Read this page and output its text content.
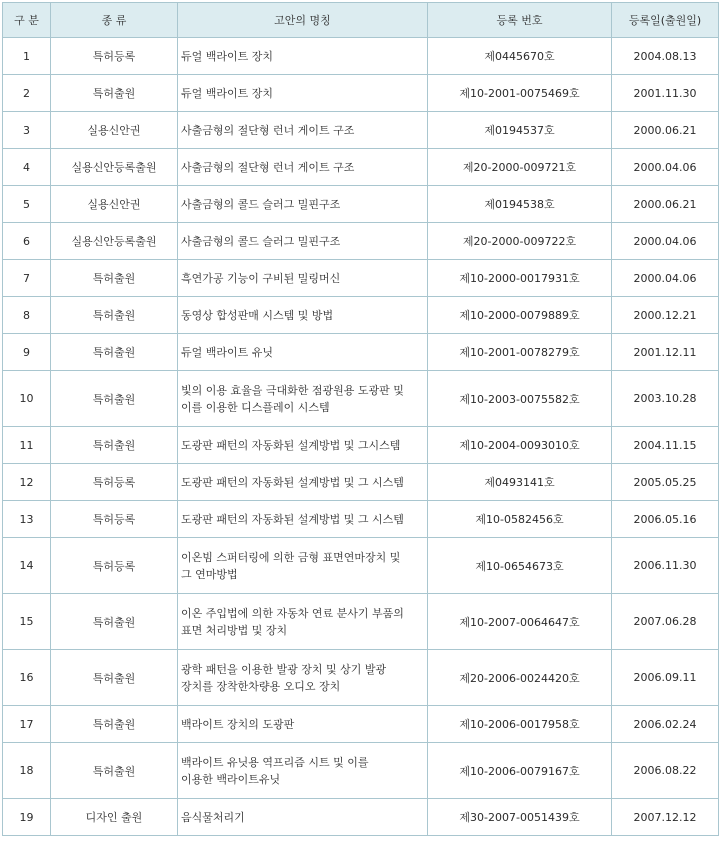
구 분	종 류	고안의 명칭	등록 번호	등록일(출원일)
1	특허등록	듀얼 백라이트 장치	제0445670호	2004.08.13
2	특허출원	듀얼 백라이트 장치	제10-2001-0075469호	2001.11.30
3	실용신안권	사출금형의 절단형 런너 게이트 구조	제0194537호	2000.06.21
4	실용신안등록출원	사출금형의 절단형 런너 게이트 구조	제20-2000-009721호	2000.04.06
5	실용신안권	사출금형의 콜드 슬러그 밀핀구조	제0194538호	2000.06.21
6	실용신안등록출원	사출금형의 콜드 슬러그 밀핀구조	제20-2000-009722호	2000.04.06
7	특허출원	흑연가공 기능이 구비된 밀링머신	제10-2000-0017931호	2000.04.06
8	특허출원	동영상 합성판매 시스템 및 방법	제10-2000-0079889호	2000.12.21
9	특허출원	듀얼 백라이트 유닛	제10-2001-0078279호	2001.12.11
10	특허출원	빛의 이용 효율을 극대화한 점광원용 도광판 및
이를 이용한 디스플레이 시스템	제10-2003-0075582호	2003.10.28
11	특허출원	도광판 패턴의 자동화된 설계방법 및 그시스템	제10-2004-0093010호	2004.11.15
12	특허등록	도광판 패턴의 자동화된 설계방법 및 그 시스템	제0493141호	2005.05.25
13	특허등록	도광판 패턴의 자동화된 설계방법 및 그 시스템	제10-0582456호	2006.05.16
14	특허등록	이온빔 스퍼터링에 의한 금형 표면연마장치 및
그 연마방법	제10-0654673호	2006.11.30
15	특허출원	이온 주입법에 의한 자동차 연료 분사기 부품의
표면 처리방법 및 장치	제10-2007-0064647호	2007.06.28
16	특허출원	광학 패턴을 이용한 발광 장치 및 상기 발광
장치를 장착한차량용 오디오 장치	제20-2006-0024420호	2006.09.11
17	특허출원	백라이트 장치의 도광판	제10-2006-0017958호	2006.02.24
18	특허출원	백라이트 유닛용 역프리즘 시트 및 이를
이용한 백라이트유닛	제10-2006-0079167호	2006.08.22
19	디자인 출원	음식물처리기	제30-2007-0051439호	2007.12.12
